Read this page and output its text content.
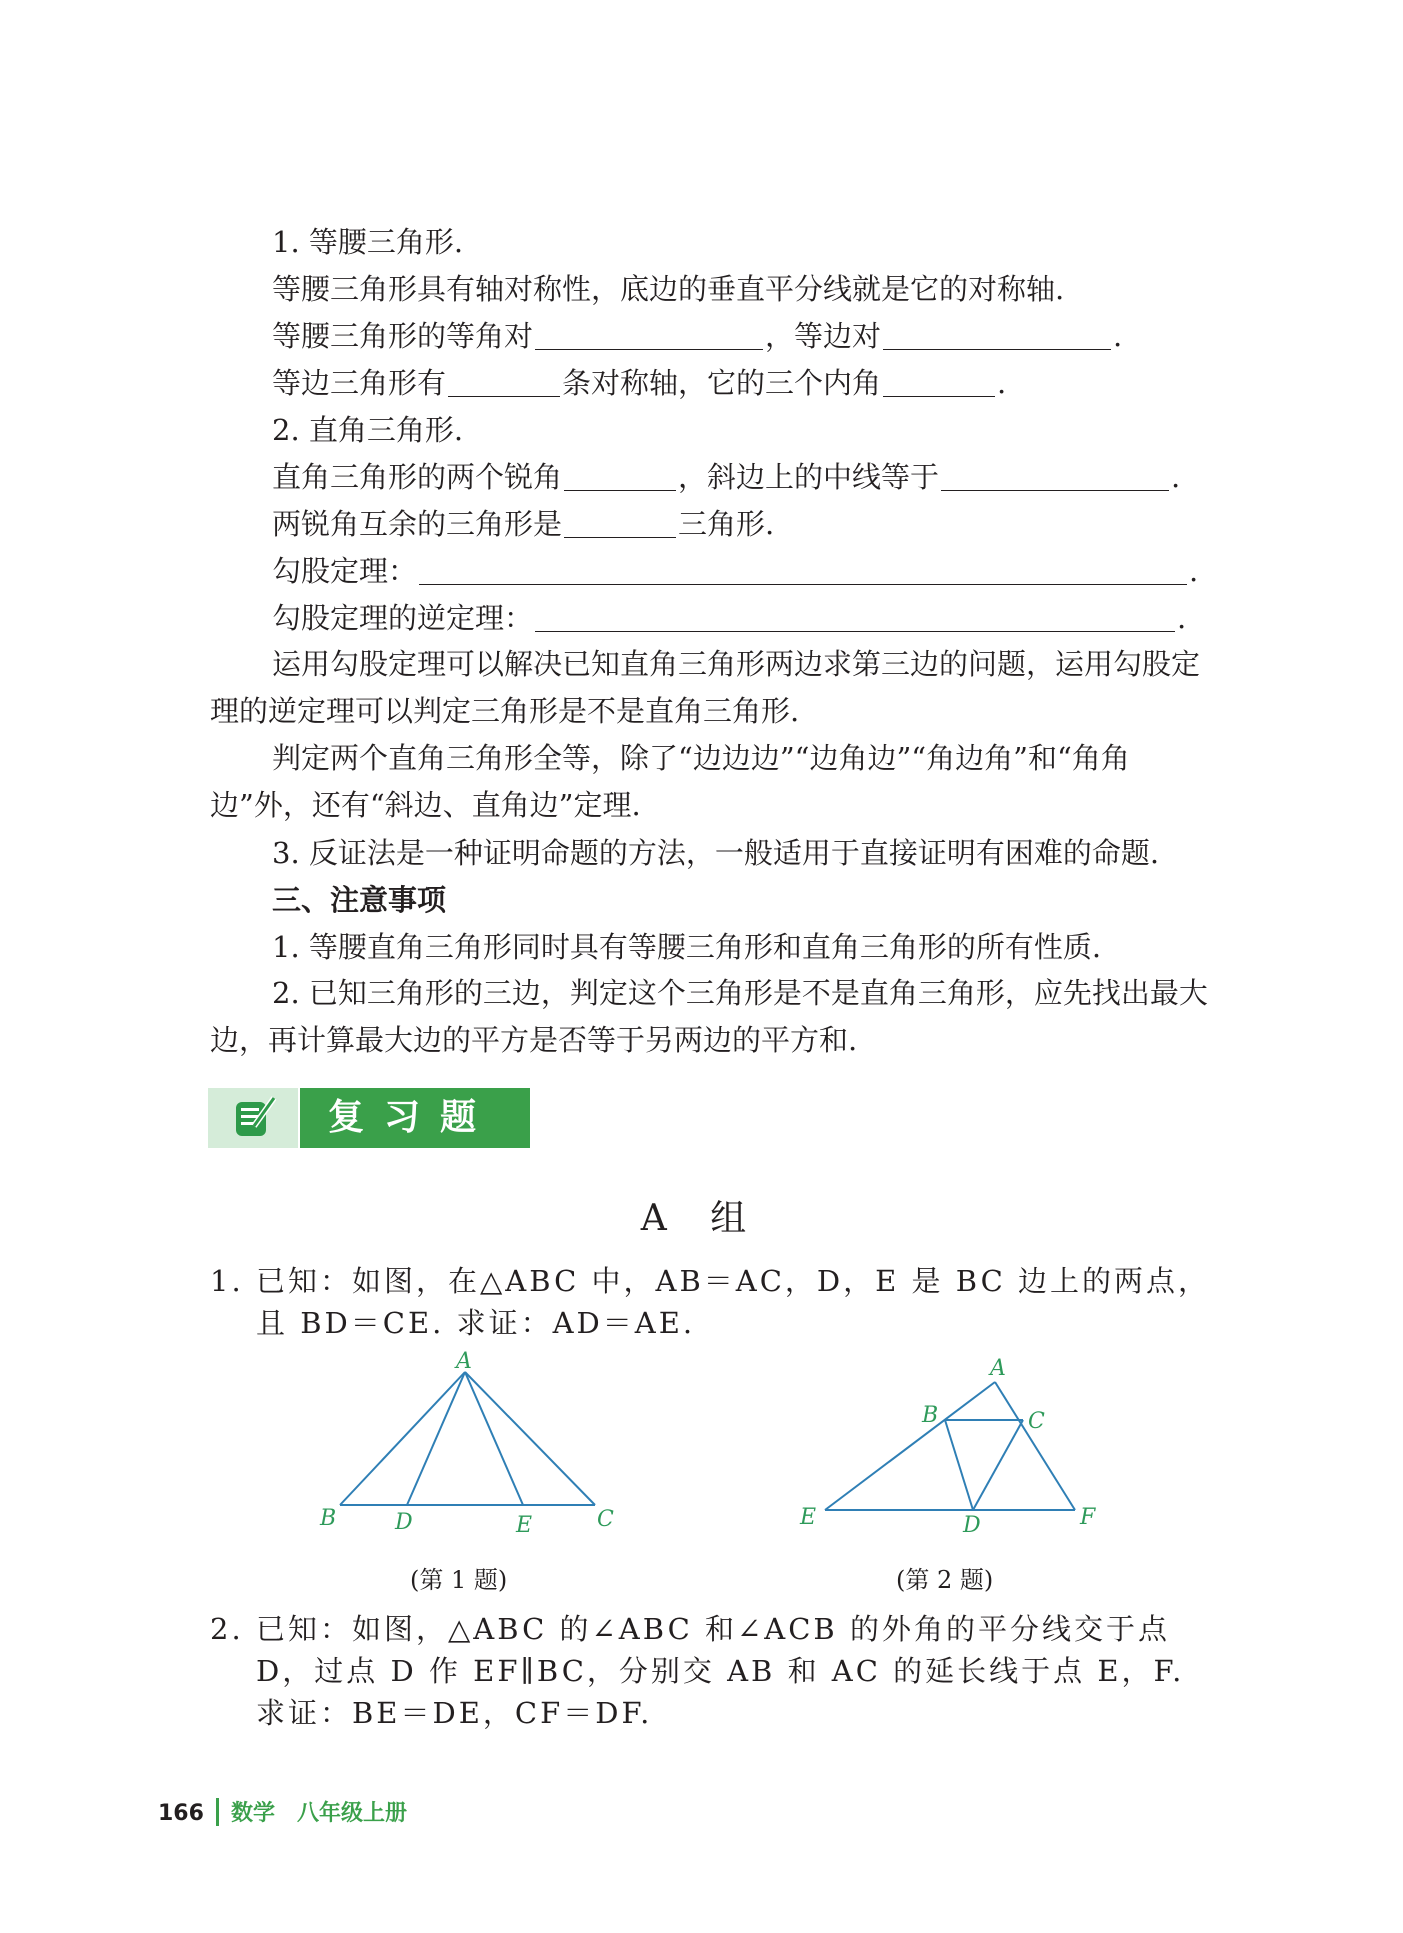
1. 等腰三角形.
等腰三角形具有轴对称性，底边的垂直平分线就是它的对称轴.
等腰三角形的等角对	，等边对	.
等边三角形有	条对称轴，它的三个内角	.
2. 直角三角形.
直角三角形的两个锐角	，斜边上的中线等于	.
两锐角互余的三角形是	三角形.
勾股定理：	.
勾股定理的逆定理：	.
运用勾股定理可以解决已知直角三角形两边求第三边的问题，运用勾股定理的逆定理可以判定三角形是不是直角三角形.
判定两个直角三角形全等，除了“边边边”“边角边”“角边角”和“角角边”外，还有“斜边、直角边”定理.
3. 反证法是一种证明命题的方法，一般适用于直接证明有困难的命题.
三、注意事项
1. 等腰直角三角形同时具有等腰三角形和直角三角形的所有性质.
2. 已知三角形的三边，判定这个三角形是不是直角三角形，应先找出最大边，再计算最大边的平方是否等于另两边的平方和.
复习题
A 组
1. 已知：如图，在△ABC 中，AB＝AC，D，E 是 BC 边上的两点，且 BD＝CE. 求证：AD＝AE.
A
B	D	E	C
(第 1 题)
A
B	C
E	D	F
(第 2 题)
2. 已知：如图，△ABC 的∠ABC 和∠ACB 的外角的平分线交于点 D，过点 D 作 EF∥BC，分别交 AB 和 AC 的延长线于点 E，F. 求证：BE＝DE，CF＝DF.
166 数学　八年级上册
